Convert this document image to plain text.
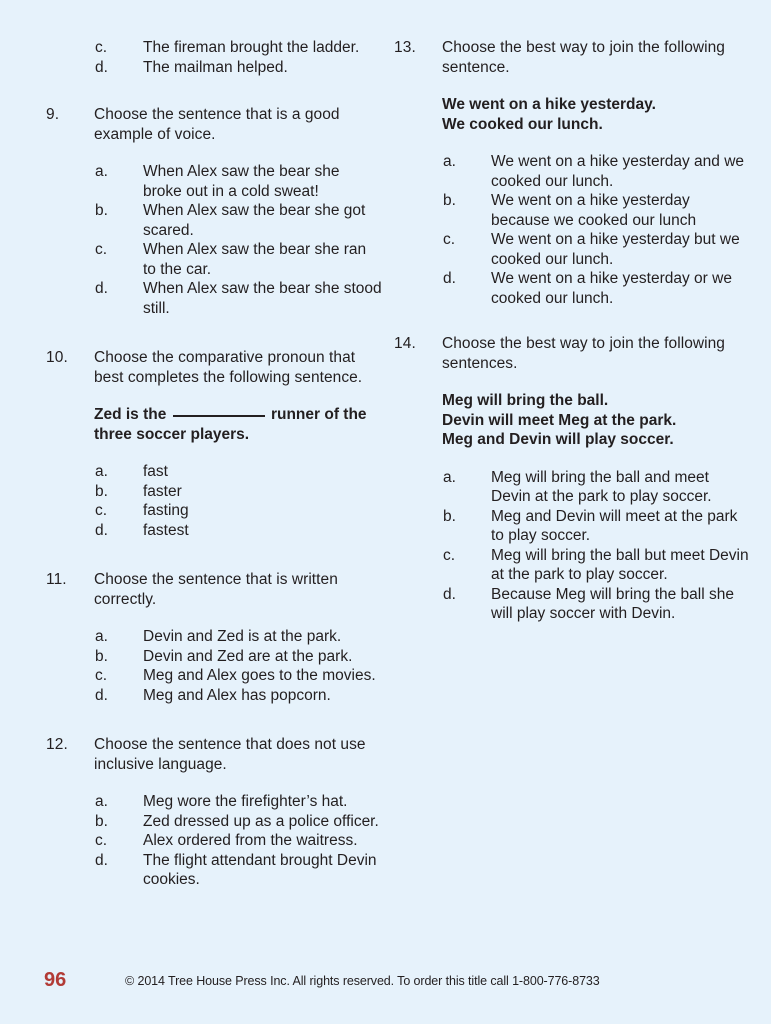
c.	The fireman brought the ladder.
d.	The mailman helped.
9.	Choose the sentence that is a good example of voice.
a.	When Alex saw the bear she broke out in a cold sweat!
b.	When Alex saw the bear she got scared.
c.	When Alex saw the bear she ran to the car.
d.	When Alex saw the bear she stood still.
10.	Choose the comparative pronoun that best completes the following sentence.
Zed is the	runner of the three soccer players.
a.	fast
b.	faster
c.	fasting
d.	fastest
11.	Choose the sentence that is written correctly.
a.	Devin and Zed is at the park.
b.	Devin and Zed are at the park.
c.	Meg and Alex goes to the movies.
d.	Meg and Alex has popcorn.
12.	Choose the sentence that does not use inclusive language.
a.	Meg wore the firefighter’s hat.
b.	Zed dressed up as a police officer.
c.	Alex ordered from the waitress.
d.	The flight attendant brought Devin cookies.
13.	Choose the best way to join the following sentence.
We went on a hike yesterday.
We cooked our lunch.
a.	We went on a hike yesterday and we cooked our lunch.
b.	We went on a hike yesterday because we cooked our lunch
c.	We went on a hike yesterday but we cooked our lunch.
d.	We went on a hike yesterday or we cooked our lunch.
14.	Choose the best way to join the following sentences.
Meg will bring the ball.
Devin will meet Meg at the park.
Meg and Devin will play soccer.
a.	Meg will bring the ball and meet Devin at the park to play soccer.
b.	Meg and Devin will meet at the park to play soccer.
c.	Meg will bring the ball but meet Devin at the park to play soccer.
d.	Because Meg will bring the ball she will play soccer with Devin.
96	© 2014 Tree House Press Inc. All rights reserved. To order this title call 1-800-776-8733
